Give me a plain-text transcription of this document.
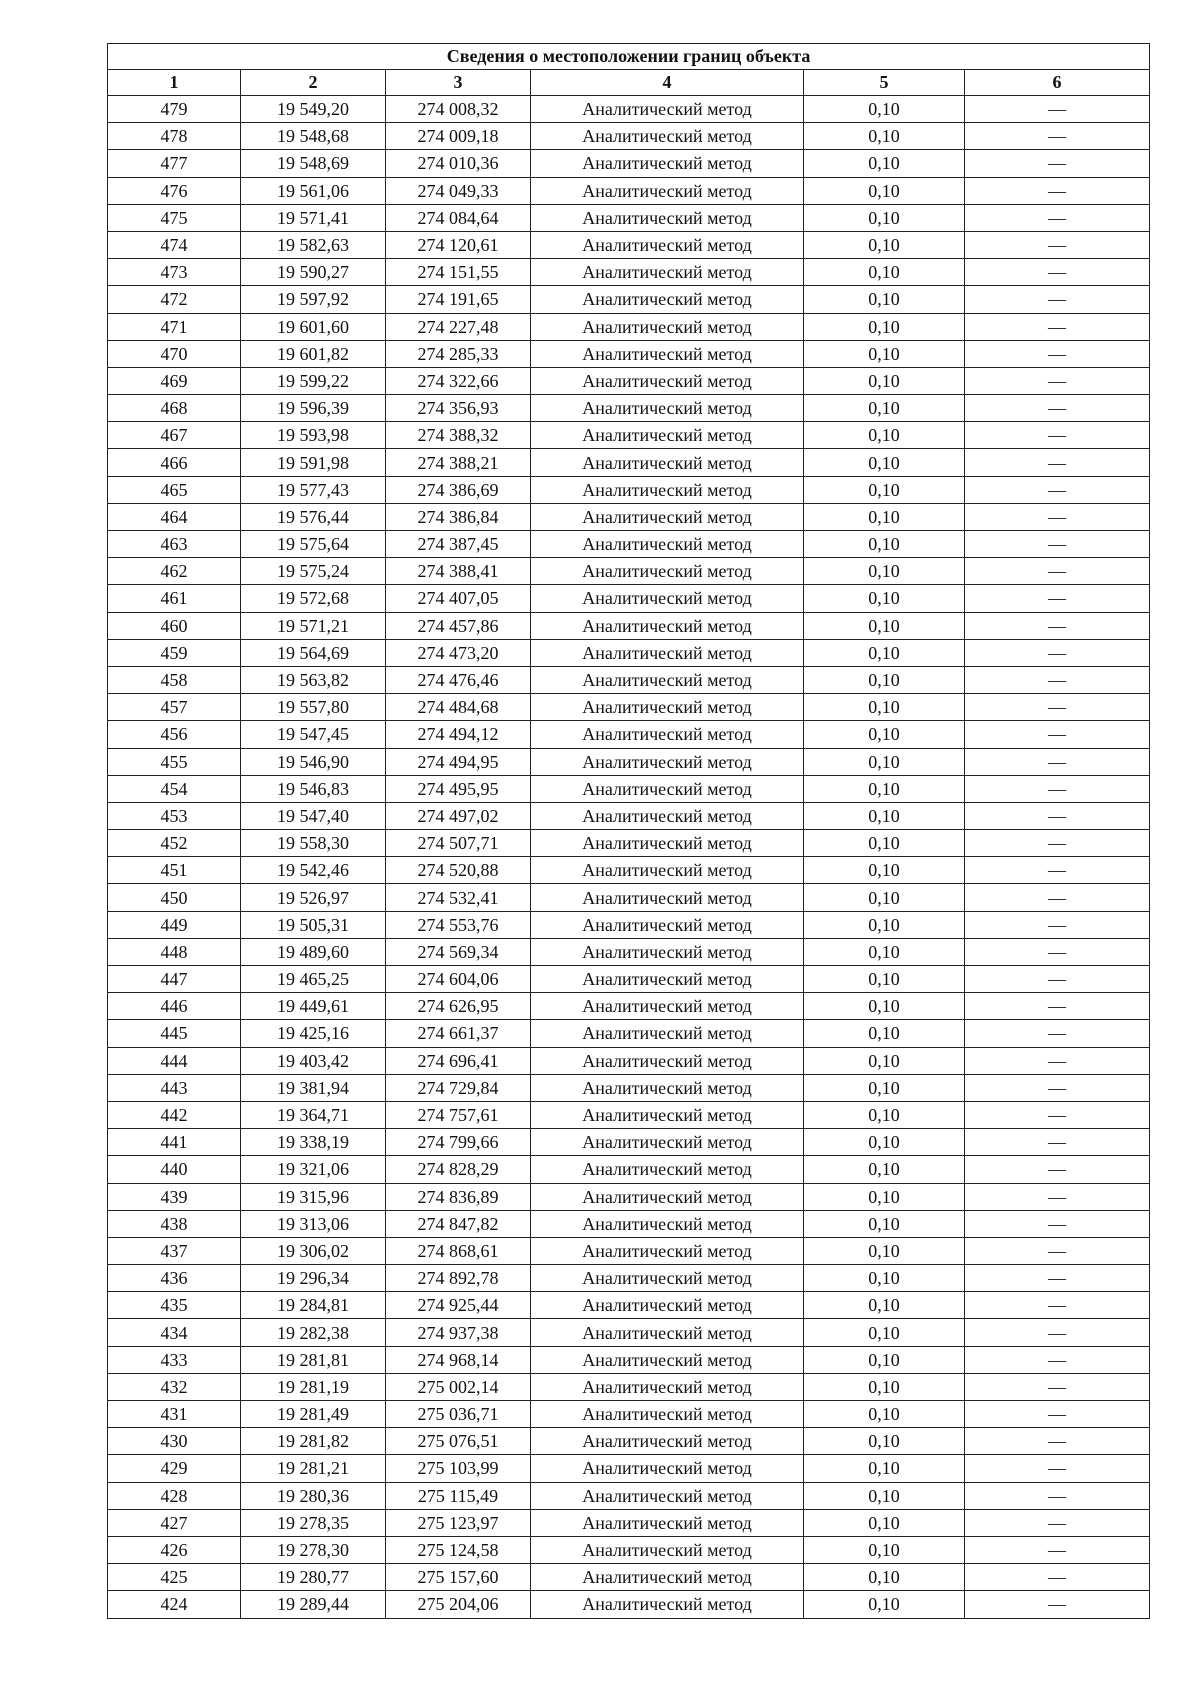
Сведения о местоположении границ объекта					
1	2	3	4	5	6
479	19 549,20	274 008,32	Аналитический метод	0,10	—
478	19 548,68	274 009,18	Аналитический метод	0,10	—
477	19 548,69	274 010,36	Аналитический метод	0,10	—
476	19 561,06	274 049,33	Аналитический метод	0,10	—
475	19 571,41	274 084,64	Аналитический метод	0,10	—
474	19 582,63	274 120,61	Аналитический метод	0,10	—
473	19 590,27	274 151,55	Аналитический метод	0,10	—
472	19 597,92	274 191,65	Аналитический метод	0,10	—
471	19 601,60	274 227,48	Аналитический метод	0,10	—
470	19 601,82	274 285,33	Аналитический метод	0,10	—
469	19 599,22	274 322,66	Аналитический метод	0,10	—
468	19 596,39	274 356,93	Аналитический метод	0,10	—
467	19 593,98	274 388,32	Аналитический метод	0,10	—
466	19 591,98	274 388,21	Аналитический метод	0,10	—
465	19 577,43	274 386,69	Аналитический метод	0,10	—
464	19 576,44	274 386,84	Аналитический метод	0,10	—
463	19 575,64	274 387,45	Аналитический метод	0,10	—
462	19 575,24	274 388,41	Аналитический метод	0,10	—
461	19 572,68	274 407,05	Аналитический метод	0,10	—
460	19 571,21	274 457,86	Аналитический метод	0,10	—
459	19 564,69	274 473,20	Аналитический метод	0,10	—
458	19 563,82	274 476,46	Аналитический метод	0,10	—
457	19 557,80	274 484,68	Аналитический метод	0,10	—
456	19 547,45	274 494,12	Аналитический метод	0,10	—
455	19 546,90	274 494,95	Аналитический метод	0,10	—
454	19 546,83	274 495,95	Аналитический метод	0,10	—
453	19 547,40	274 497,02	Аналитический метод	0,10	—
452	19 558,30	274 507,71	Аналитический метод	0,10	—
451	19 542,46	274 520,88	Аналитический метод	0,10	—
450	19 526,97	274 532,41	Аналитический метод	0,10	—
449	19 505,31	274 553,76	Аналитический метод	0,10	—
448	19 489,60	274 569,34	Аналитический метод	0,10	—
447	19 465,25	274 604,06	Аналитический метод	0,10	—
446	19 449,61	274 626,95	Аналитический метод	0,10	—
445	19 425,16	274 661,37	Аналитический метод	0,10	—
444	19 403,42	274 696,41	Аналитический метод	0,10	—
443	19 381,94	274 729,84	Аналитический метод	0,10	—
442	19 364,71	274 757,61	Аналитический метод	0,10	—
441	19 338,19	274 799,66	Аналитический метод	0,10	—
440	19 321,06	274 828,29	Аналитический метод	0,10	—
439	19 315,96	274 836,89	Аналитический метод	0,10	—
438	19 313,06	274 847,82	Аналитический метод	0,10	—
437	19 306,02	274 868,61	Аналитический метод	0,10	—
436	19 296,34	274 892,78	Аналитический метод	0,10	—
435	19 284,81	274 925,44	Аналитический метод	0,10	—
434	19 282,38	274 937,38	Аналитический метод	0,10	—
433	19 281,81	274 968,14	Аналитический метод	0,10	—
432	19 281,19	275 002,14	Аналитический метод	0,10	—
431	19 281,49	275 036,71	Аналитический метод	0,10	—
430	19 281,82	275 076,51	Аналитический метод	0,10	—
429	19 281,21	275 103,99	Аналитический метод	0,10	—
428	19 280,36	275 115,49	Аналитический метод	0,10	—
427	19 278,35	275 123,97	Аналитический метод	0,10	—
426	19 278,30	275 124,58	Аналитический метод	0,10	—
425	19 280,77	275 157,60	Аналитический метод	0,10	—
424	19 289,44	275 204,06	Аналитический метод	0,10	—
